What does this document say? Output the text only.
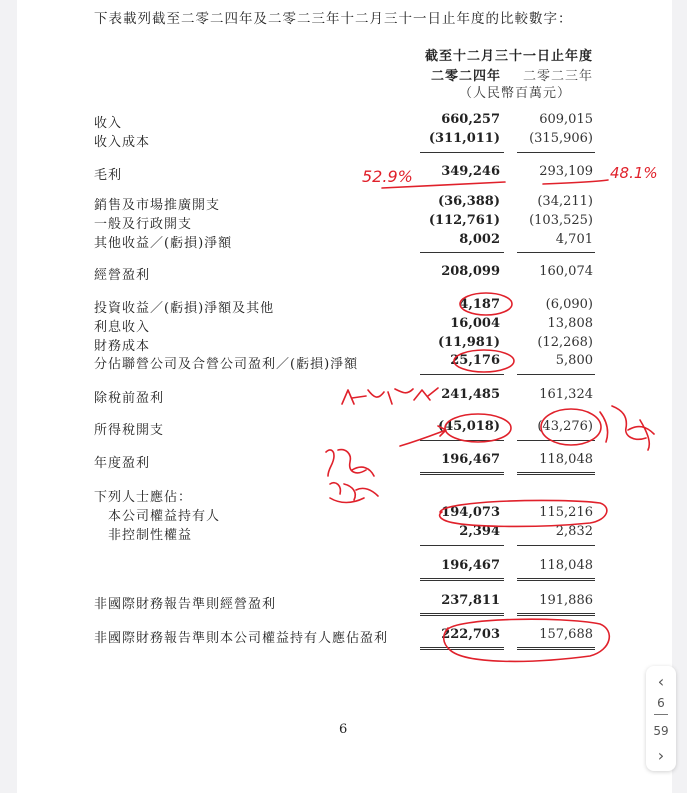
下表載列截至二零二四年及二零二三年十二月三十一日止年度的比較數字：
截至十二月三十一日止年度
二零二四年 二零二三年
（人民幣百萬元）
收入	660,257	609,015
收入成本	(311,011) (315,906)
毛利	349,246	293,109
銷售及市場推廣開支	(36,388)	(34,211)
一般及行政開支	(112,761) (103,525)
其他收益／(虧損)淨額	8,002	4,701
經營盈利	208,099	160,074
投資收益／(虧損)淨額及其他	4,187	(6,090)
利息收入	16,004	13,808
財務成本	(11,981)	(12,268)
分佔聯營公司及合營公司盈利／(虧損)淨額	25,176	5,800
除稅前盈利	241,485	161,324
所得稅開支	(45,018)	(43,276)
年度盈利	196,467	118,048
下列人士應佔：
本公司權益持有人	194,073	115,216
非控制性權益	2,394	2,832
196,467	118,048
非國際財務報告準則經營盈利	237,811	191,886
非國際財務報告準則本公司權益持有人應佔盈利	222,703	157,688
6
52.9%	48.1%
‹
6
59
›
